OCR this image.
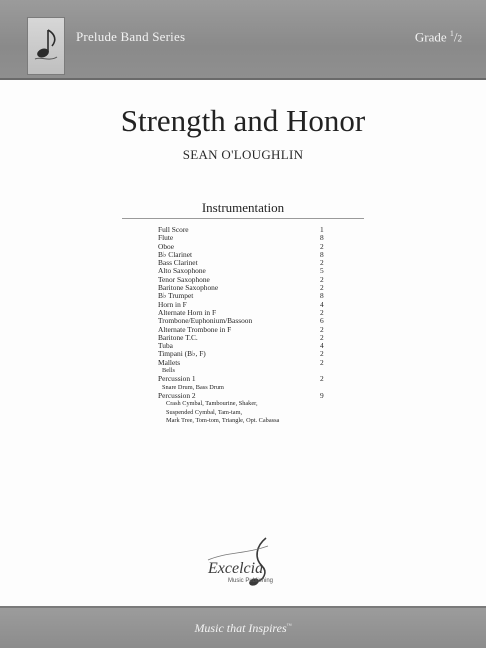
Prelude Band Series	Grade $^1$/2
Strength and Honor
SEAN O'LOUGHLIN
Instrumentation
Full Score	1
Flute	8
Oboe	2
B♭ Clarinet	8
Bass Clarinet	2
Alto Saxophone	5
Tenor Saxophone	2
Baritone Saxophone	2
B♭ Trumpet	8
Horn in F	4
Alternate Horn in F	2
Trombone/Euphonium/Bassoon	6
Alternate Trombone in F	2
Baritone T.C.	2
Tuba	4
Timpani (B♭, F)	2
Mallets	2
Bells
Percussion 1	2
Snare Drum, Bass Drum
Percussion 2	9
Crash Cymbal, Tambourine, Shaker,
Suspended Cymbal, Tam-tam,
Mark Tree, Tom-tom, Triangle, Opt. Cabassa
Excelcia
Music Publishing
Music that Inspires™
